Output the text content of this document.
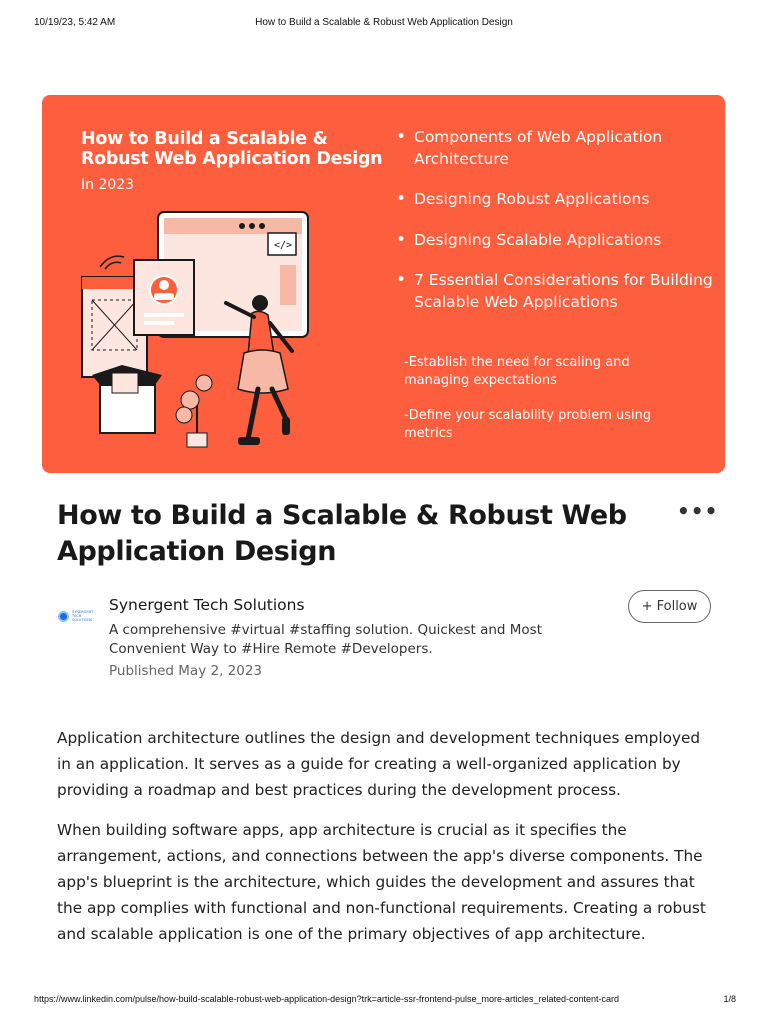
10/19/23, 5:42 AM	How to Build a Scalable & Robust Web Application Design
How to Build a Scalable &
Robust Web Application Design
In 2023
</>
• Components of Web Application Architecture
• Designing Robust Applications
• Designing Scalable Applications
• 7 Essential Considerations for Building Scalable Web Applications
-Establish the need for scaling and managing expectations
-Define your scalability problem using metrics
How to Build a Scalable & Robust Web Application Design
•••
SYNERGENT TECH SOLUTIONS
Synergent Tech Solutions
A comprehensive #virtual #staffing solution. Quickest and Most Convenient Way to #Hire Remote #Developers.
Published May 2, 2023
+ Follow

Application architecture outlines the design and development techniques employed in an application. It serves as a guide for creating a well-organized application by providing a roadmap and best practices during the development process.

When building software apps, app architecture is crucial as it specifies the arrangement, actions, and connections between the app's diverse components. The app's blueprint is the architecture, which guides the development and assures that the app complies with functional and non-functional requirements. Creating a robust and scalable application is one of the primary objectives of app architecture.

https://www.linkedin.com/pulse/how-build-scalable-robust-web-application-design?trk=article-ssr-frontend-pulse_more-articles_related-content-card	1/8
